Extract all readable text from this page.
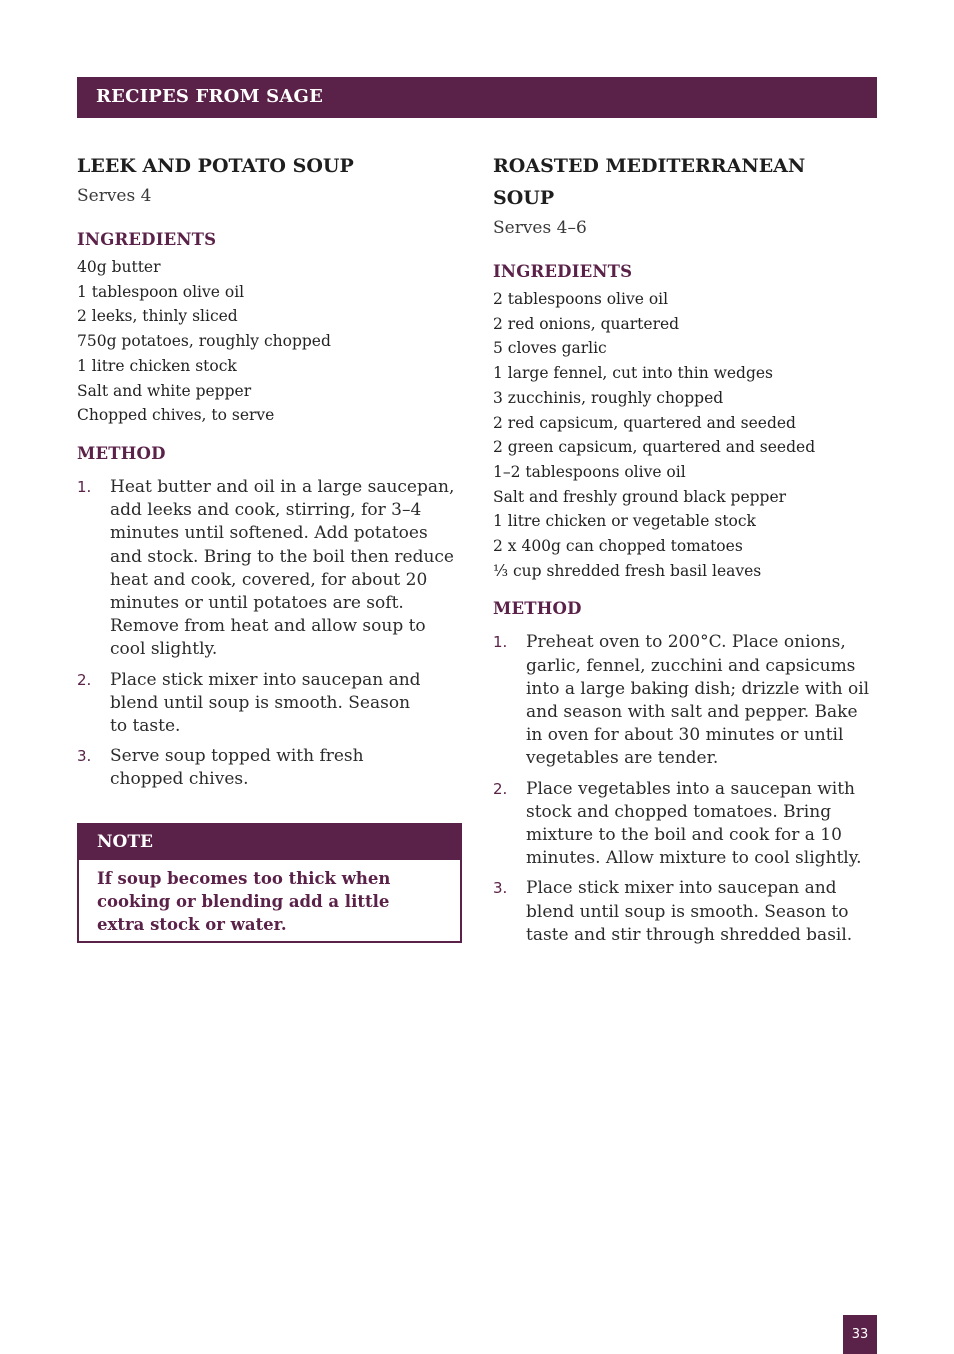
RECIPES FROM SAGE
LEEK AND POTATO SOUP
Serves 4
INGREDIENTS
40g butter
1 tablespoon olive oil
2 leeks, thinly sliced
750g potatoes, roughly chopped
1 litre chicken stock
Salt and white pepper
Chopped chives, to serve
METHOD
1. Heat butter and oil in a large saucepan, add leeks and cook, stirring, for 3–4 minutes until softened. Add potatoes and stock. Bring to the boil then reduce heat and cook, covered, for about 20 minutes or until potatoes are soft. Remove from heat and allow soup to cool slightly.
2. Place stick mixer into saucepan and blend until soup is smooth. Season to taste.
3. Serve soup topped with fresh chopped chives.
NOTE
If soup becomes too thick when cooking or blending add a little extra stock or water.
ROASTED MEDITERRANEAN SOUP
Serves 4–6
INGREDIENTS
2 tablespoons olive oil
2 red onions, quartered
5 cloves garlic
1 large fennel, cut into thin wedges
3 zucchinis, roughly chopped
2 red capsicum, quartered and seeded
2 green capsicum, quartered and seeded
1–2 tablespoons olive oil
Salt and freshly ground black pepper
1 litre chicken or vegetable stock
2 x 400g can chopped tomatoes
⅓ cup shredded fresh basil leaves
METHOD
1. Preheat oven to 200°C. Place onions, garlic, fennel, zucchini and capsicums into a large baking dish; drizzle with oil and season with salt and pepper. Bake in oven for about 30 minutes or until vegetables are tender.
2. Place vegetables into a saucepan with stock and chopped tomatoes. Bring mixture to the boil and cook for a 10 minutes. Allow mixture to cool slightly.
3. Place stick mixer into saucepan and blend until soup is smooth. Season to taste and stir through shredded basil.
33
